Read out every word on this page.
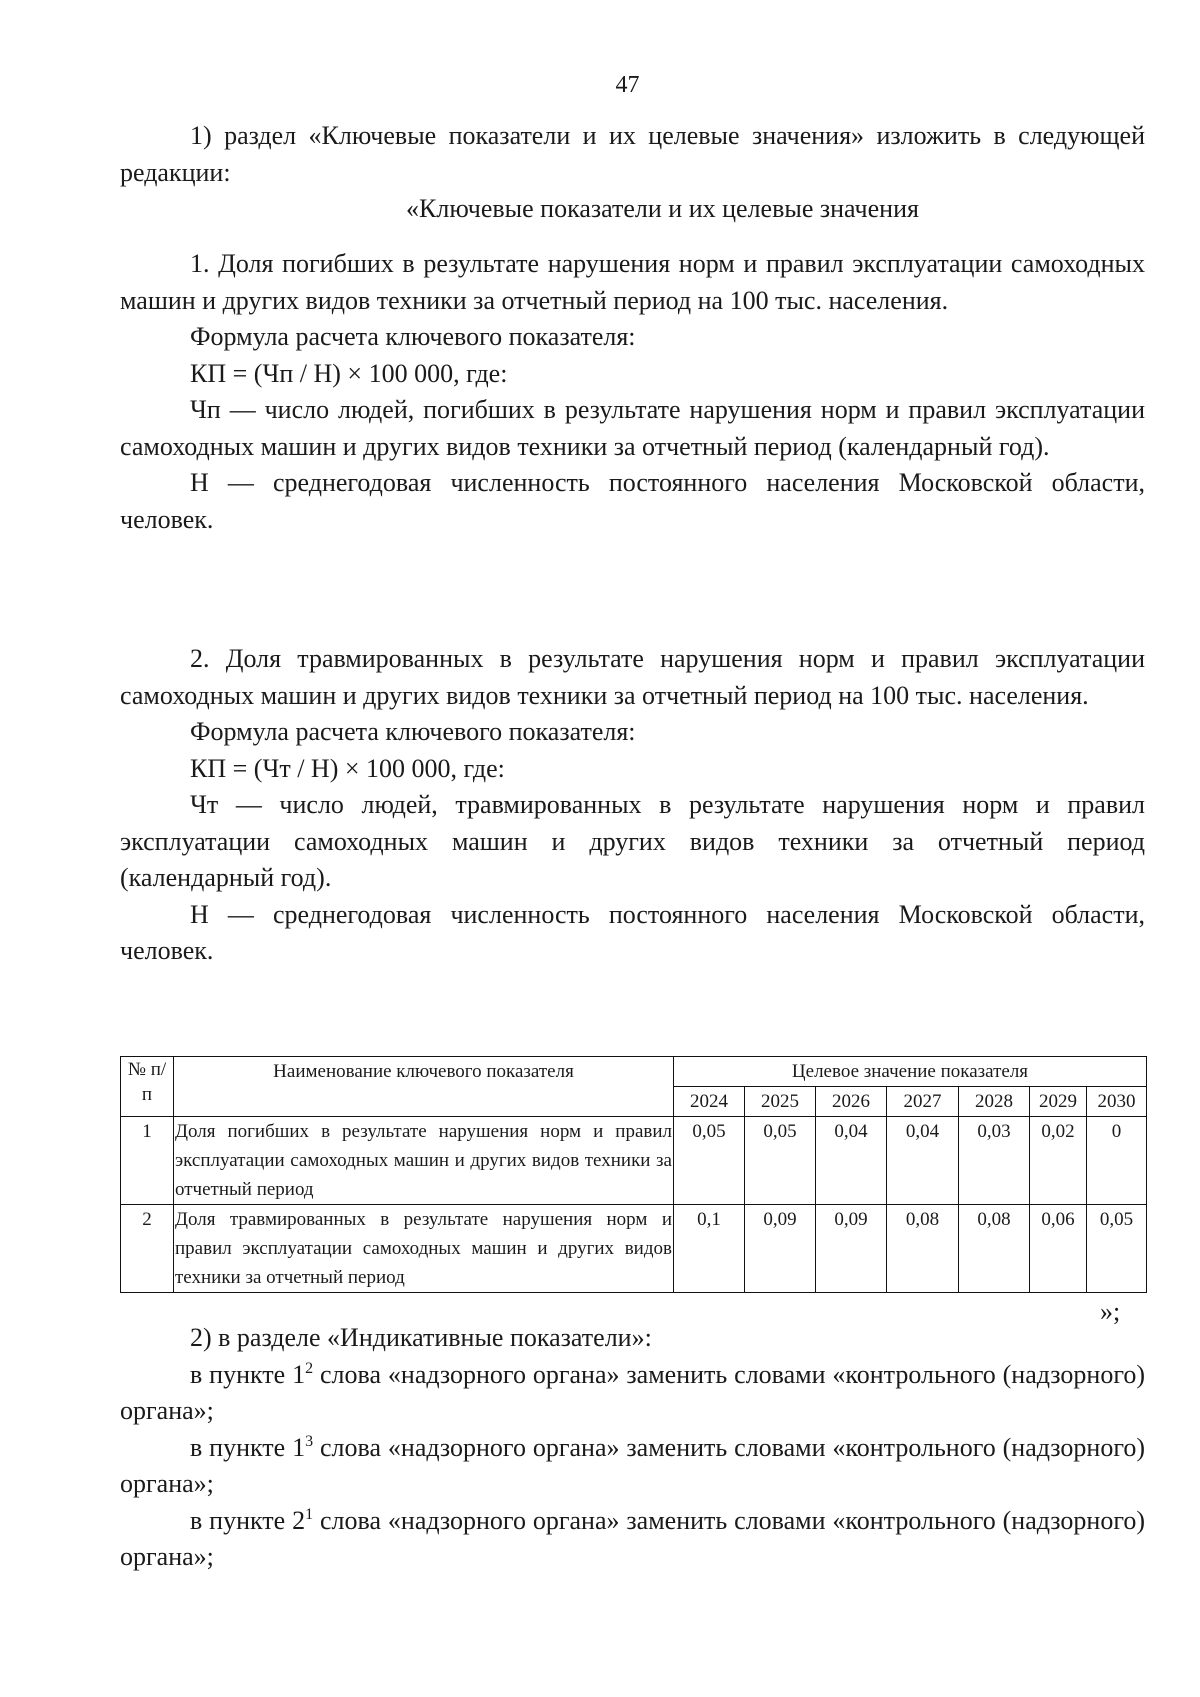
47

1) раздел «Ключевые показатели и их целевые значения» изложить в следующей редакции:

«Ключевые показатели и их целевые значения

1. Доля погибших в результате нарушения норм и правил эксплуатации самоходных машин и других видов техники за отчетный период на 100 тыс. населения.

Формула расчета ключевого показателя:

КП = (Чп / Н) × 100 000, где:

Чп — число людей, погибших в результате нарушения норм и правил эксплуатации самоходных машин и других видов техники за отчетный период (календарный год).

Н — среднегодовая численность постоянного населения Московской области, человек.

2. Доля травмированных в результате нарушения норм и правил эксплуатации самоходных машин и других видов техники за отчетный период на 100 тыс. населения.

Формула расчета ключевого показателя:

КП = (Чт / Н) × 100 000, где:

Чт — число людей, травмированных в результате нарушения норм и правил эксплуатации самоходных машин и других видов техники за отчетный период (календарный год).

Н — среднегодовая численность постоянного населения Московской области, человек.

№ п/п	Наименование ключевого показателя	Целевое значение показателя						
		2024	2025	2026	2027	2028	2029	2030
1	Доля погибших в результате нарушения норм и правил эксплуатации самоходных машин и других видов техники за отчетный период	0,05	0,05	0,04	0,04	0,03	0,02	0
2	Доля травмированных в результате нарушения норм и правил эксплуатации самоходных машин и других видов техники за отчетный период	0,1	0,09	0,09	0,08	0,08	0,06	0,05
»;

2) в разделе «Индикативные показатели»:

в пункте $1^2$ слова «надзорного органа» заменить словами «контрольного (надзорного) органа»;

в пункте $1^3$ слова «надзорного органа» заменить словами «контрольного (надзорного) органа»;

в пункте $2^1$ слова «надзорного органа» заменить словами «контрольного (надзорного) органа»;
